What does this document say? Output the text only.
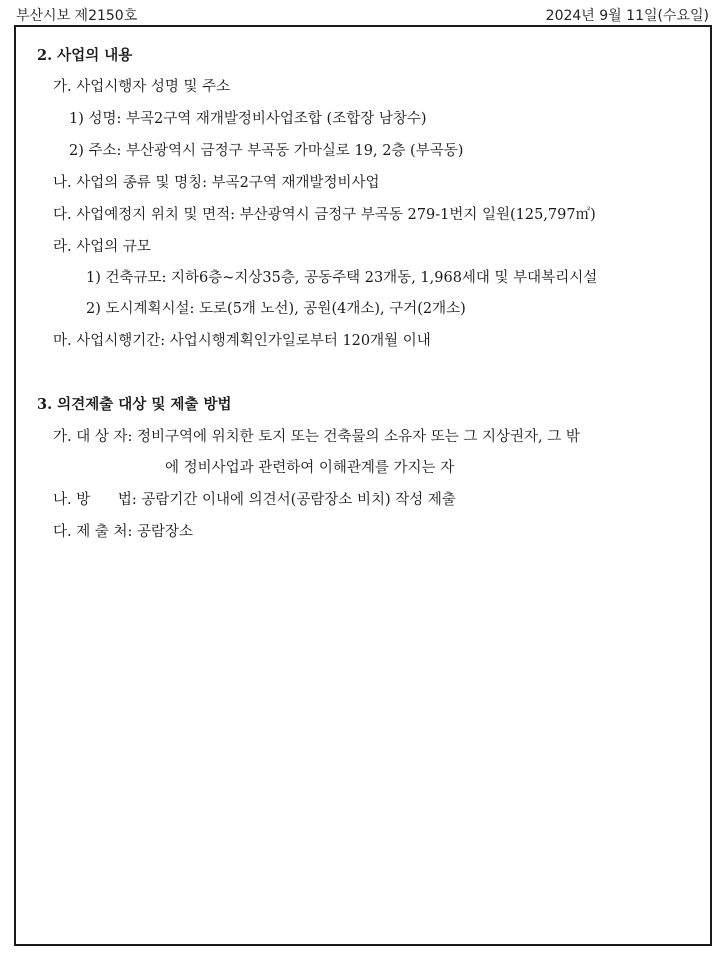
부산시보 제2150호	2024년 9월 11일(수요일)
2. 사업의 내용
가. 사업시행자 성명 및 주소
1) 성명: 부곡2구역 재개발정비사업조합 (조합장 남창수)
2) 주소: 부산광역시 금정구 부곡동 가마실로 19, 2층 (부곡동)
나. 사업의 종류 및 명칭: 부곡2구역 재개발정비사업
다. 사업예정지 위치 및 면적: 부산광역시 금정구 부곡동 279-1번지 일원(125,797㎡)
라. 사업의 규모
1) 건축규모: 지하6층~지상35층, 공동주택 23개동, 1,968세대 및 부대복리시설
2) 도시계획시설: 도로(5개 노선), 공원(4개소), 구거(2개소)
마. 사업시행기간: 사업시행계획인가일로부터 120개월 이내
3. 의견제출 대상 및 제출 방법
가. 대 상 자: 정비구역에 위치한 토지 또는 건축물의 소유자 또는 그 지상권자, 그 밖
에 정비사업과 관련하여 이해관계를 가지는 자
나. 방      법: 공람기간 이내에 의견서(공람장소 비치) 작성 제출
다. 제 출 처: 공람장소
